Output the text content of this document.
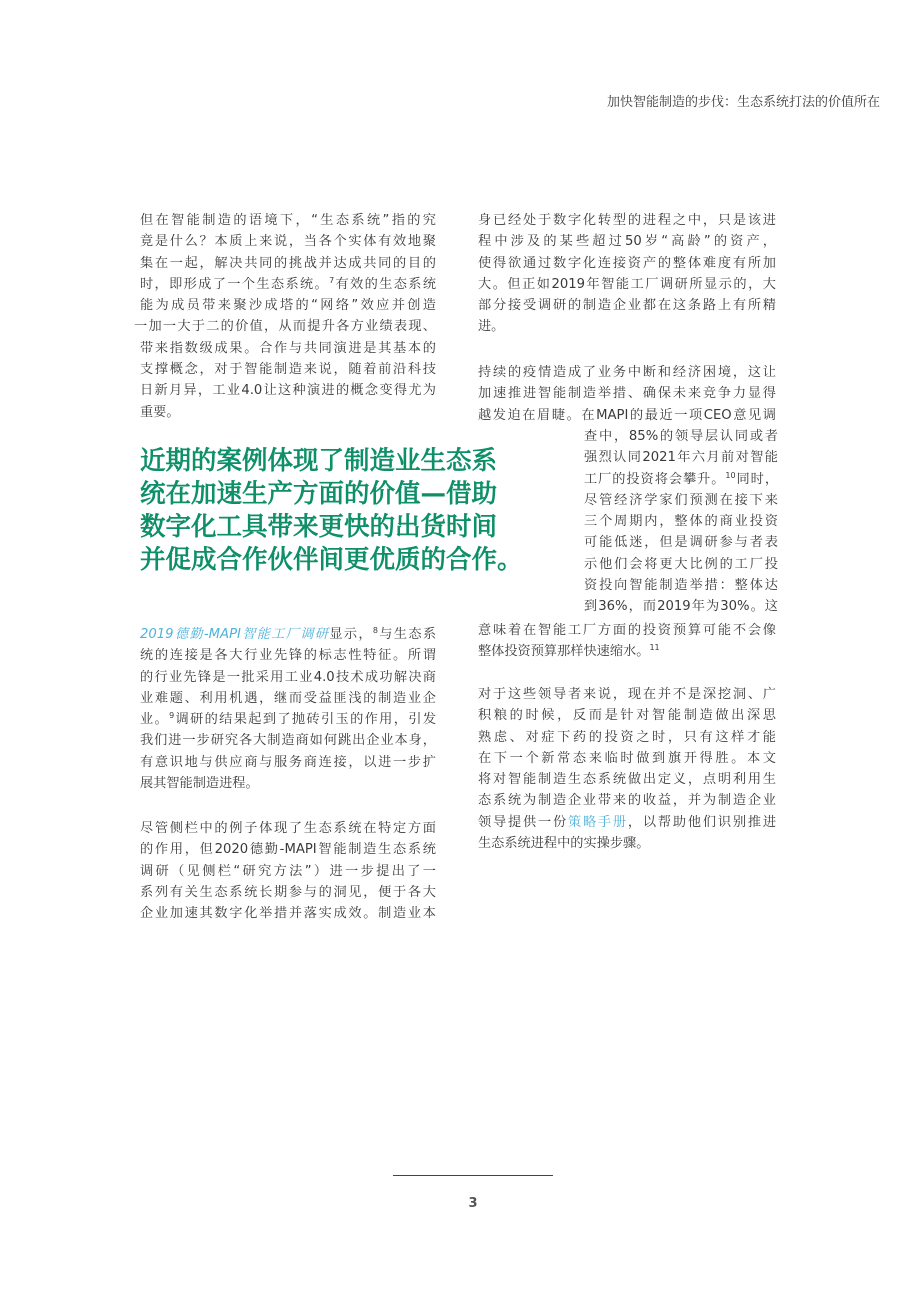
加快智能制造的步伐：生态系统打法的价值所在
但在智能制造的语境下，“生态系统”指的究
竟是什么？本质上来说，当各个实体有效地聚
集在一起，解决共同的挑战并达成共同的目的
时，即形成了一个生态系统。$^7$有效的生态系统
能为成员带来聚沙成塔的“网络”效应并创造
一加一大于二的价值，从而提升各方业绩表现、
带来指数级成果。合作与共同演进是其基本的
支撑概念，对于智能制造来说，随着前沿科技
日新月异，工业4.0让这种演进的概念变得尤为
重要。
近期的案例体现了制造业生态系
统在加速生产方面的价值—借助
数字化工具带来更快的出货时间
并促成合作伙伴间更优质的合作。
2019德勤-MAPI智能工厂调研显示，$^8$与生态系
统的连接是各大行业先锋的标志性特征。所谓
的行业先锋是一批采用工业4.0技术成功解决商
业难题、利用机遇，继而受益匪浅的制造业企
业。$^9$调研的结果起到了抛砖引玉的作用，引发
我们进一步研究各大制造商如何跳出企业本身，
有意识地与供应商与服务商连接，以进一步扩
展其智能制造进程。
尽管侧栏中的例子体现了生态系统在特定方面
的作用，但2020德勤-MAPI智能制造生态系统
调研（见侧栏“研究方法”）进一步提出了一
系列有关生态系统长期参与的洞见，便于各大
企业加速其数字化举措并落实成效。制造业本
身已经处于数字化转型的进程之中，只是该进
程中涉及的某些超过50岁“高龄”的资产，
使得欲通过数字化连接资产的整体难度有所加
大。但正如2019年智能工厂调研所显示的，大
部分接受调研的制造企业都在这条路上有所精
进。
持续的疫情造成了业务中断和经济困境，这让
加速推进智能制造举措、确保未来竞争力显得
越发迫在眉睫。在MAPI的最近一项CEO意见调
查中，85%的领导层认同或者
强烈认同2021年六月前对智能
工厂的投资将会攀升。$^{10}$同时，
尽管经济学家们预测在接下来
三个周期内，整体的商业投资
可能低迷，但是调研参与者表
示他们会将更大比例的工厂投
资投向智能制造举措：整体达
到36%，而2019年为30%。这
意味着在智能工厂方面的投资预算可能不会像
整体投资预算那样快速缩水。$^{11}$
对于这些领导者来说，现在并不是深挖洞、广
积粮的时候，反而是针对智能制造做出深思
熟虑、对症下药的投资之时，只有这样才能
在下一个新常态来临时做到旗开得胜。本文
将对智能制造生态系统做出定义，点明利用生
态系统为制造企业带来的收益，并为制造企业
领导提供一份策略手册，以帮助他们识别推进
生态系统进程中的实操步骤。
3
